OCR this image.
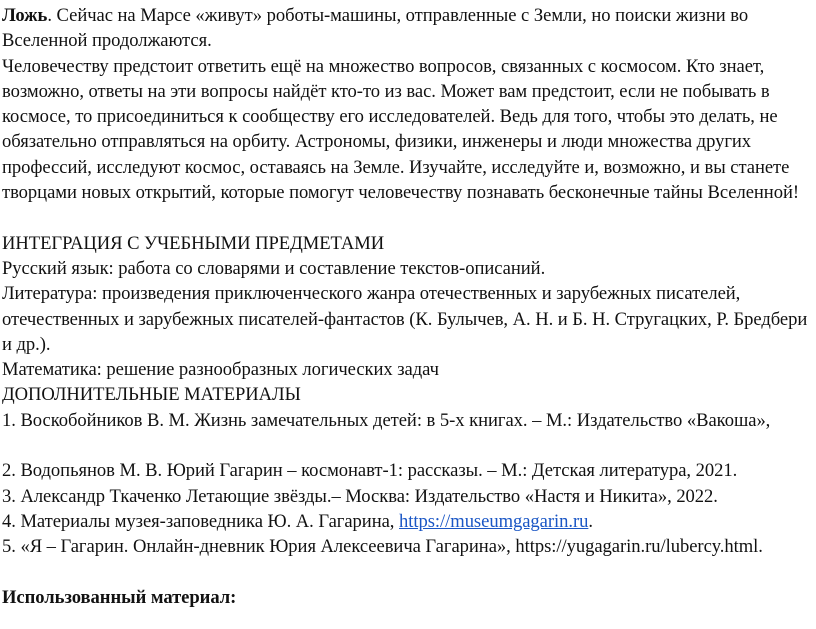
Ложь. Сейчас на Марсе «живут» роботы-машины, отправленные с Земли, но поиски жизни во
Вселенной продолжаются.
Человечеству предстоит ответить ещё на множество вопросов, связанных с космосом. Кто знает,
возможно, ответы на эти вопросы найдёт кто-то из вас. Может вам предстоит, если не побывать в
космосе, то присоединиться к сообществу его исследователей. Ведь для того, чтобы это делать, не
обязательно отправляться на орбиту. Астрономы, физики, инженеры и люди множества других
профессий, исследуют космос, оставаясь на Земле. Изучайте, исследуйте и, возможно, и вы станете
творцами новых открытий, которые помогут человечеству познавать бесконечные тайны Вселенной!
ИНТЕГРАЦИЯ С УЧЕБНЫМИ ПРЕДМЕТАМИ
Русский язык: работа со словарями и составление текстов-описаний.
Литература: произведения приключенческого жанра отечественных и зарубежных писателей,
отечественных и зарубежных писателей-фантастов (К. Булычев, А. Н. и Б. Н. Стругацких, Р. Бредбери
и др.).
Математика: решение разнообразных логических задач
ДОПОЛНИТЕЛЬНЫЕ МАТЕРИАЛЫ
1. Воскобойников В. М. Жизнь замечательных детей: в 5-х книгах. – М.: Издательство «Вакоша»,
2. Водопьянов М. В. Юрий Гагарин – космонавт-1: рассказы. – М.: Детская литература, 2021.
3. Александр Ткаченко Летающие звёзды.– Москва: Издательство «Настя и Никита», 2022.
4. Материалы музея-заповедника Ю. А. Гагарина, https://museumgagarin.ru.
5. «Я – Гагарин. Онлайн-дневник Юрия Алексеевича Гагарина», https://yugagarin.ru/lubercy.html.
Использованный материал:
